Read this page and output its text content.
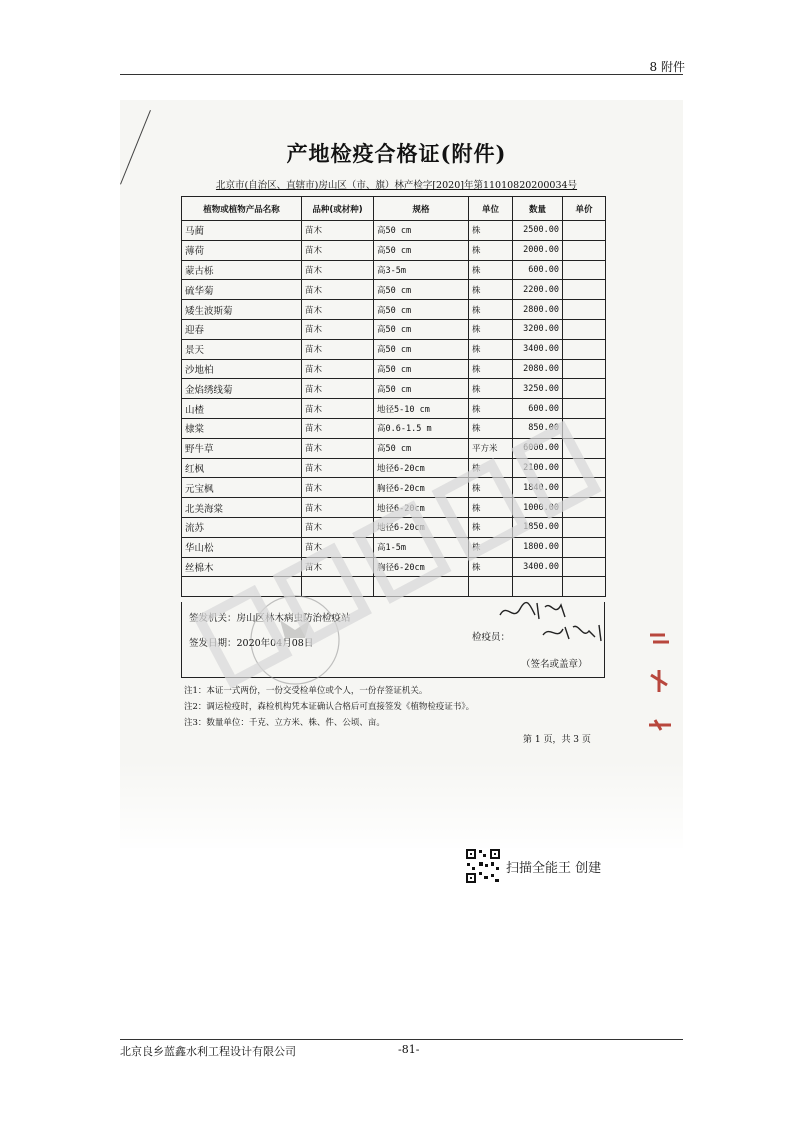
8 附件
产地检疫合格证(附件)
北京市(自治区、直辖市)房山区（市、旗）林产检字[2020]年第11010820200034号
植物或植物产品名称	品种(或材种)	规格	单位	数量	单价
马蔺	苗木	高50 cm	株	2500.00	
薄荷	苗木	高50 cm	株	2000.00	
蒙古栎	苗木	高3-5m	株	600.00	
硫华菊	苗木	高50 cm	株	2200.00	
矮生波斯菊	苗木	高50 cm	株	2800.00	
迎春	苗木	高50 cm	株	3200.00	
景天	苗木	高50 cm	株	3400.00	
沙地柏	苗木	高50 cm	株	2080.00	
金焰绣线菊	苗木	高50 cm	株	3250.00	
山楂	苗木	地径5-10 cm	株	600.00	
棣棠	苗木	高0.6-1.5 m	株	850.00	
野牛草	苗木	高50 cm	平方米	6000.00	
红枫	苗木	地径6-20cm	株	2100.00	
元宝枫	苗木	胸径6-20cm	株	1840.00	
北美海棠	苗木	地径6-20cm	株	1000.00	
流苏	苗木	地径6-20cm	株	1850.00	
华山松	苗木	高1-5m	株	1800.00	
丝棉木	苗木	胸径6-20cm	株	3400.00	

签发机关：房山区林木病虫防治检疫站
签发日期：2020年04月08日
检疫员：
（签名或盖章）
注1：本证一式两份，一份交受检单位或个人，一份存签证机关。
注2：调运检疫时，森检机构凭本证确认合格后可直接签发《植物检疫证书》。
注3：数量单位：千克、立方米、株、件、公顷、亩。
第 1 页，共 3 页
扫描全能王 创建
北京良乡蓝鑫水利工程设计有限公司	-81-
